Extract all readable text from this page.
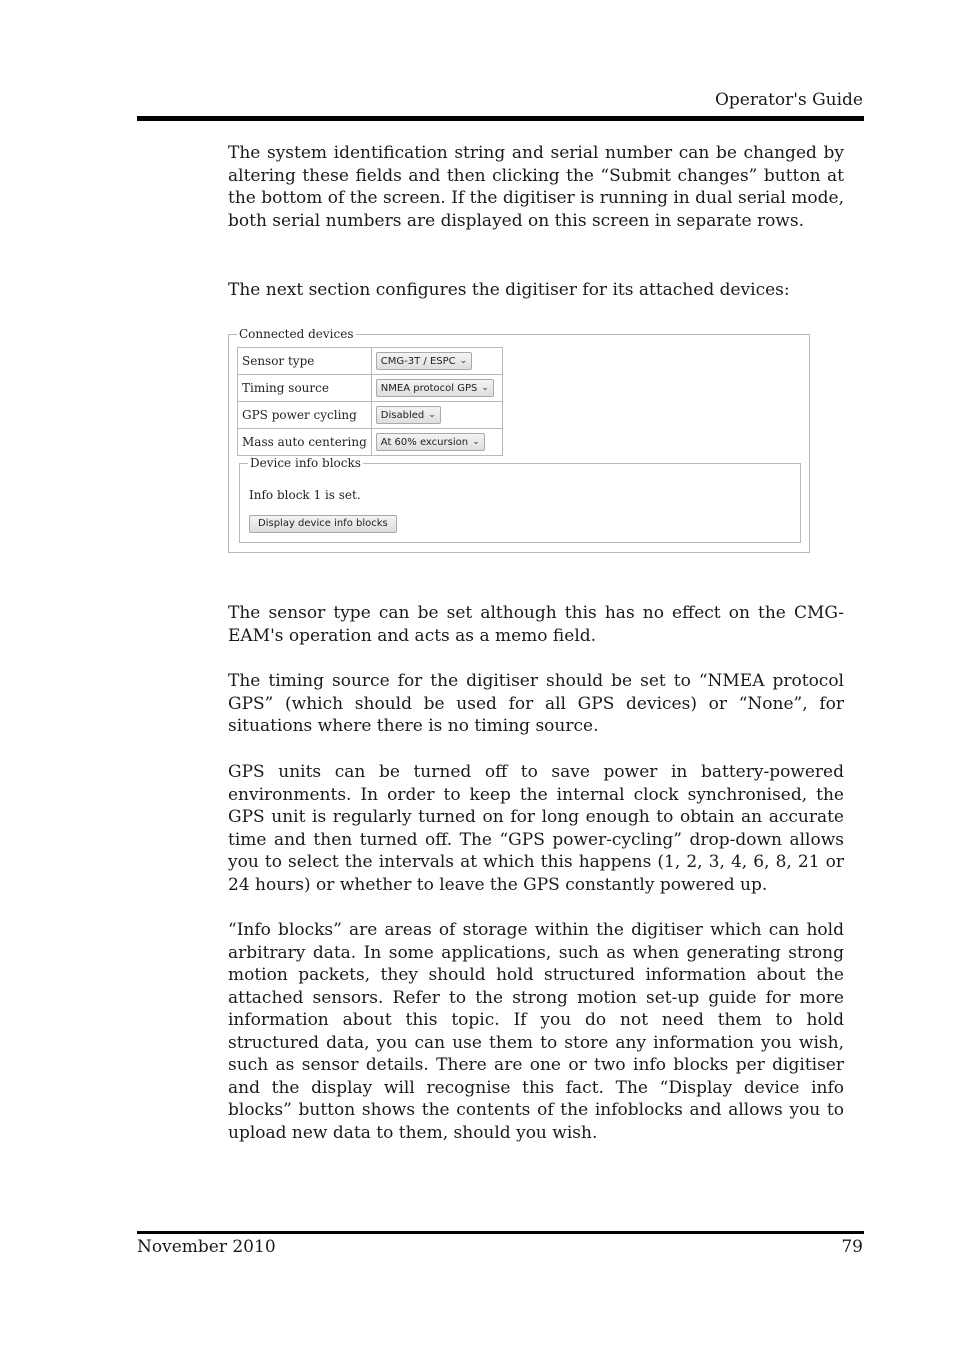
Operator's Guide

The system identification string and serial number can be changed by altering these fields and then clicking the “Submit changes” button at the bottom of the screen. If the digitiser is running in dual serial mode, both serial numbers are displayed on this screen in separate rows.

The next section configures the digitiser for its attached devices:

Connected devices
Sensor type	CMG-3T / ESPC ⌄

Timing source	NMEA protocol GPS ⌄

GPS power cycling	Disabled ⌄

Mass auto centering	At 60% excursion ⌄
Device info blocks
Info block 1 is set.
Display device info blocks

The sensor type can be set although this has no effect on the CMG-EAM's operation and acts as a memo field.

The timing source for the digitiser should be set to “NMEA protocol GPS” (which should be used for all GPS devices) or “None”, for situations where there is no timing source.

GPS units can be turned off to save power in battery-powered environments. In order to keep the internal clock synchronised, the GPS unit is regularly turned on for long enough to obtain an accurate time and then turned off. The “GPS power-cycling” drop-down allows you to select the intervals at which this happens (1, 2, 3, 4, 6, 8, 21 or 24 hours) or whether to leave the GPS constantly powered up.

“Info blocks” are areas of storage within the digitiser which can hold arbitrary data. In some applications, such as when generating strong motion packets, they should hold structured information about the attached sensors. Refer to the strong motion set-up guide for more information about this topic. If you do not need them to hold structured data, you can use them to store any information you wish, such as sensor details. There are one or two info blocks per digitiser and the display will recognise this fact. The “Display device info blocks” button shows the contents of the infoblocks and allows you to upload new data to them, should you wish.

November 2010	79
